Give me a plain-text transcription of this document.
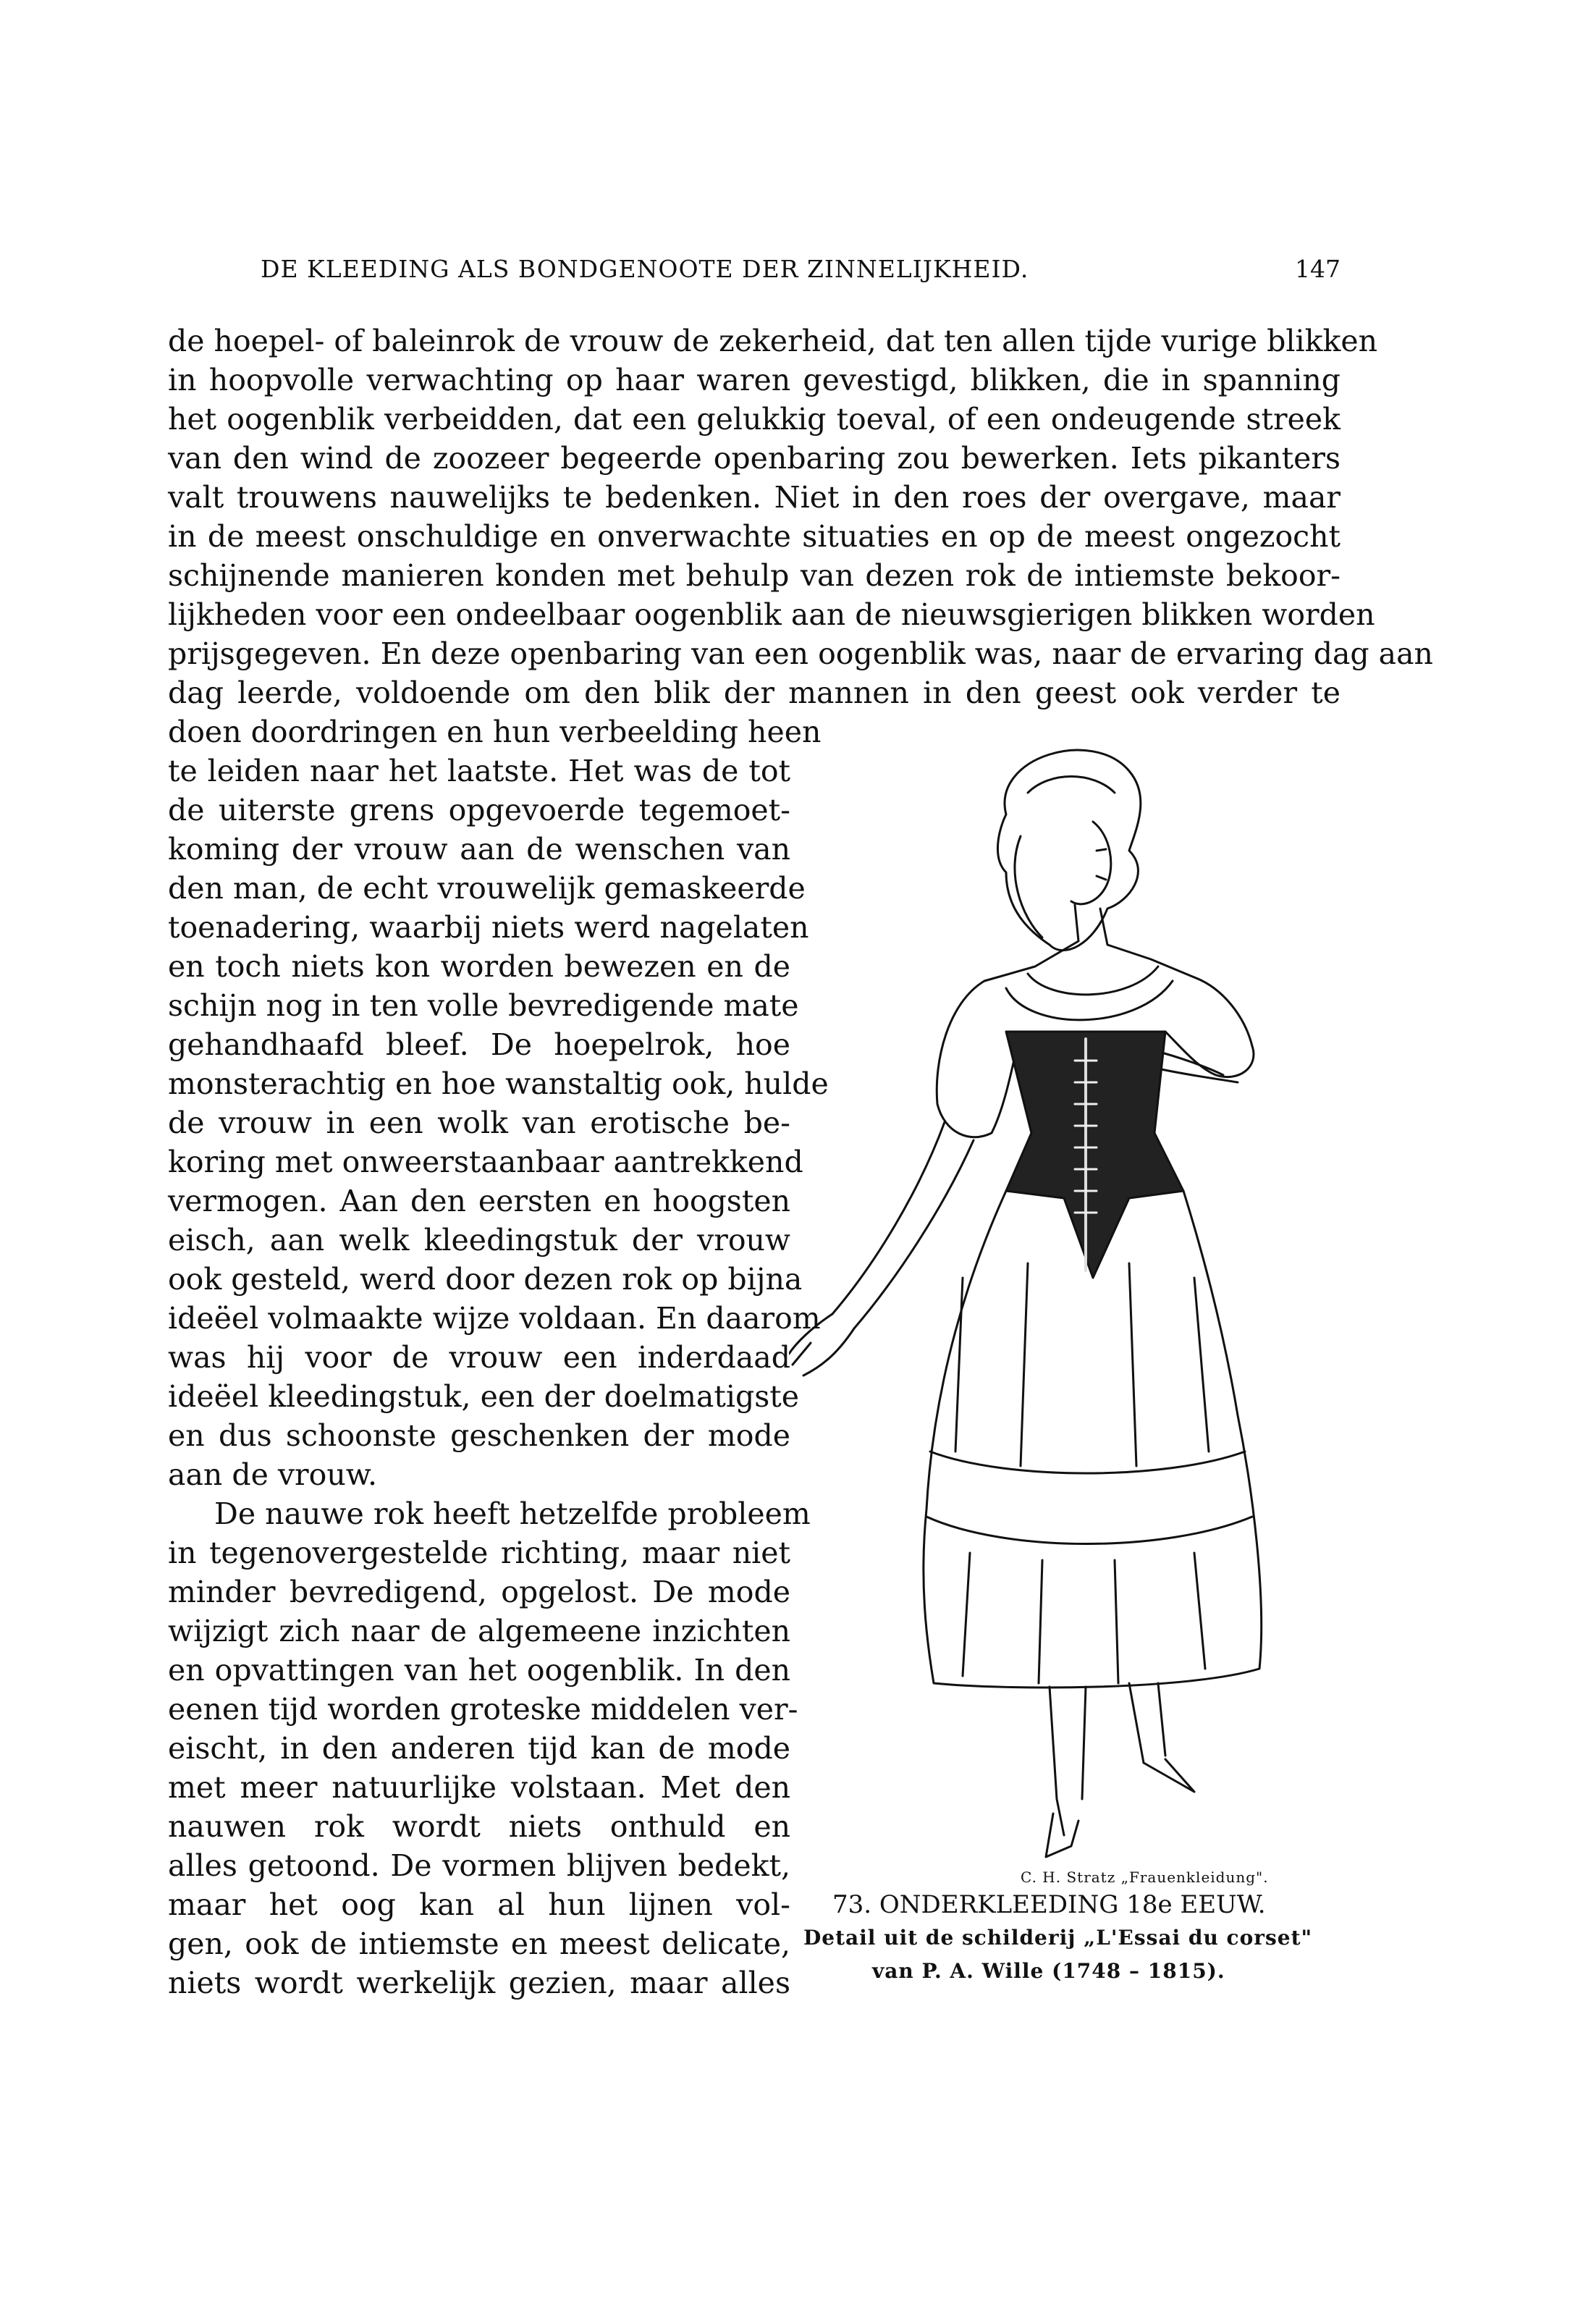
DE KLEEDING ALS BONDGENOOTE DER ZINNELIJKHEID.	147
de hoepel- of baleinrok de vrouw de zekerheid, dat ten allen tijde vurige blikken
in hoopvolle verwachting op haar waren gevestigd, blikken, die in spanning
het oogenblik verbeidden, dat een gelukkig toeval, of een ondeugende streek
van den wind de zoozeer begeerde openbaring zou bewerken. Iets pikanters
valt trouwens nauwelijks te bedenken. Niet in den roes der overgave, maar
in de meest onschuldige en onverwachte situaties en op de meest ongezocht
schijnende manieren konden met behulp van dezen rok de intiemste bekoor-
lijkheden voor een ondeelbaar oogenblik aan de nieuwsgierigen blikken worden
prijsgegeven. En deze openbaring van een oogenblik was, naar de ervaring dag aan
dag leerde, voldoende om den blik der mannen in den geest ook verder te
doen doordringen en hun verbeelding heen
te leiden naar het laatste. Het was de tot
de uiterste grens opgevoerde tegemoet-
koming der vrouw aan de wenschen van
den man, de echt vrouwelijk gemaskeerde
toenadering, waarbij niets werd nagelaten
en toch niets kon worden bewezen en de
schijn nog in ten volle bevredigende mate
gehandhaafd bleef. De hoepelrok, hoe
monsterachtig en hoe wanstaltig ook, hulde
de vrouw in een wolk van erotische be-
koring met onweerstaanbaar aantrekkend
vermogen. Aan den eersten en hoogsten
eisch, aan welk kleedingstuk der vrouw
ook gesteld, werd door dezen rok op bijna
ideëel volmaakte wijze voldaan. En daarom
was hij voor de vrouw een inderdaad
ideëel kleedingstuk, een der doelmatigste
en dus schoonste geschenken der mode
aan de vrouw.
De nauwe rok heeft hetzelfde probleem
in tegenovergestelde richting, maar niet
minder bevredigend, opgelost. De mode
wijzigt zich naar de algemeene inzichten
en opvattingen van het oogenblik. In den
eenen tijd worden groteske middelen ver-
eischt, in den anderen tijd kan de mode
met meer natuurlijke volstaan. Met den
nauwen rok wordt niets onthuld en
alles getoond. De vormen blijven bedekt,
maar het oog kan al hun lijnen vol-
gen, ook de intiemste en meest delicate,
niets wordt werkelijk gezien, maar alles
C. H. Stratz „Frauenkleidung".
73. ONDERKLEEDING 18e EEUW.
Detail uit de schilderij „L'Essai du corset"
van P. A. Wille (1748 – 1815).
